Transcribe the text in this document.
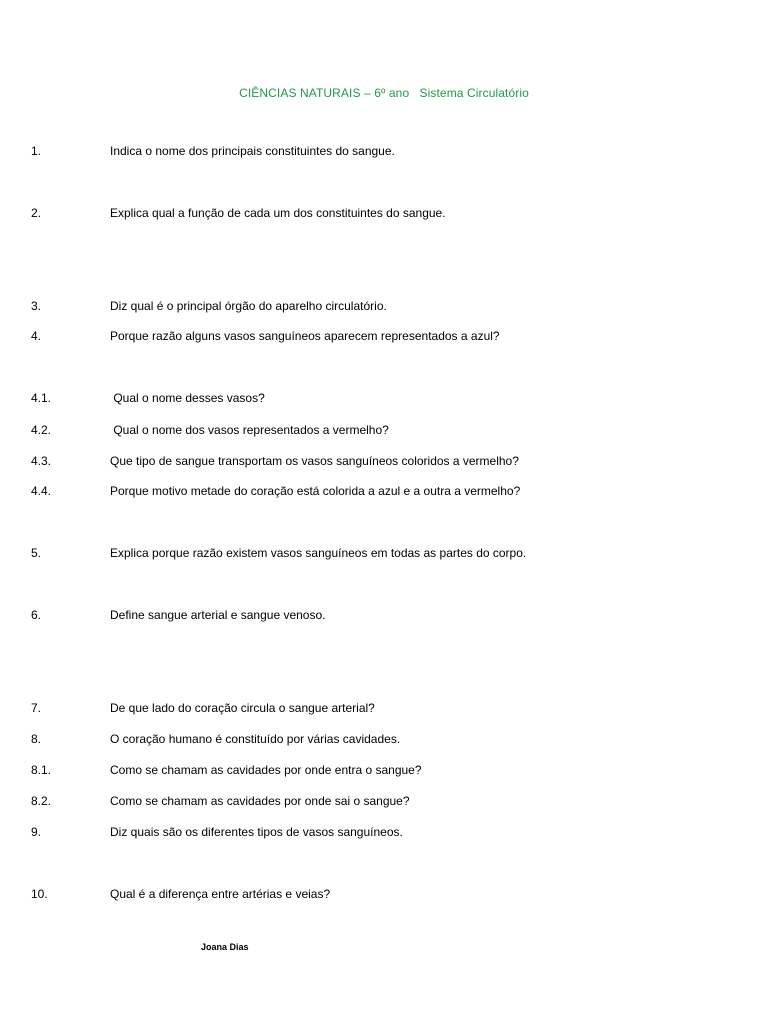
CIÊNCIAS NATURAIS – 6º ano   Sistema Circulatório
1.	Indica o nome dos principais constituintes do sangue.
2.	Explica qual a função de cada um dos constituintes do sangue.
3.	Diz qual é o principal órgão do aparelho circulatório.
4.	Porque razão alguns vasos sanguíneos aparecem representados a azul?
4.1.	Qual o nome desses vasos?
4.2.	Qual o nome dos vasos representados a vermelho?
4.3.	Que tipo de sangue transportam os vasos sanguíneos coloridos a vermelho?
4.4.	Porque motivo metade do coração está colorida a azul e a outra a vermelho?
5.	Explica porque razão existem vasos sanguíneos em todas as partes do corpo.
6.	Define sangue arterial e sangue venoso.
7.	De que lado do coração circula o sangue arterial?
8.	O coração humano é constituído por várias cavidades.
8.1.	Como se chamam as cavidades por onde entra o sangue?
8.2.	Como se chamam as cavidades por onde sai o sangue?
9.	Diz quais são os diferentes tipos de vasos sanguíneos.
10.	Qual é a diferença entre artérias e veias?
Joana Dias
